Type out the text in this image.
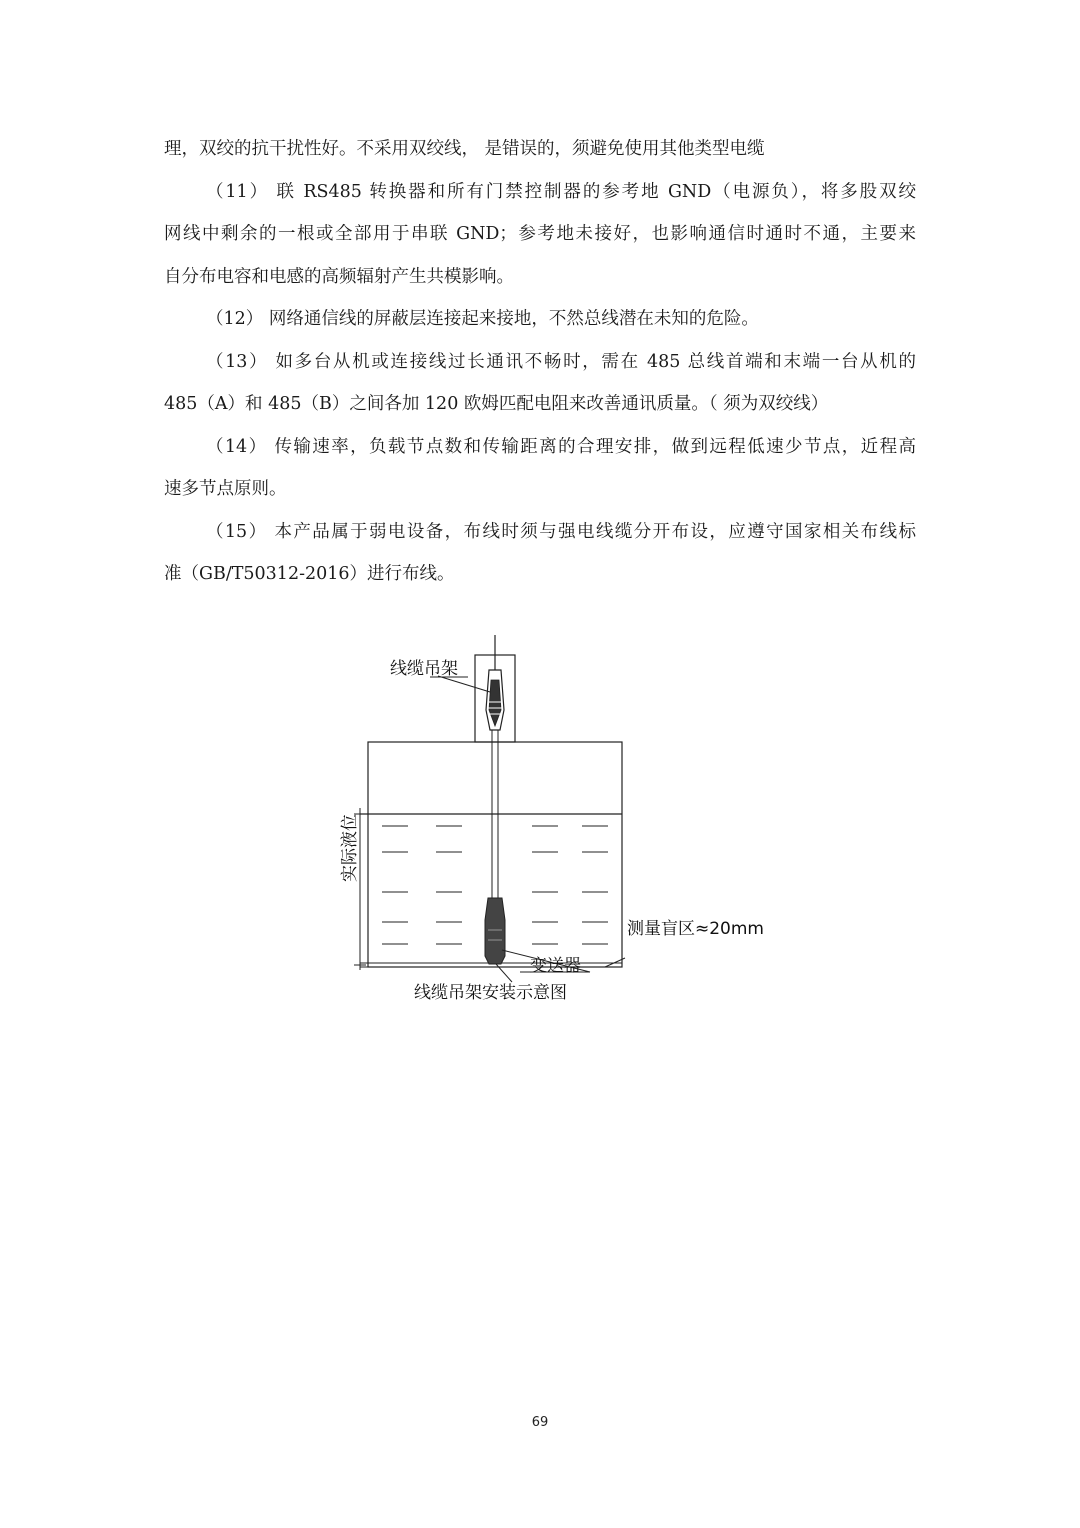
理，双绞的抗干扰性好。不采用双绞线， 是错误的，须避免使用其他类型电缆
（11） 联 RS485 转换器和所有门禁控制器的参考地 GND（电源负），将多股双绞
网线中剩余的一根或全部用于串联 GND；参考地未接好，也影响通信时通时不通，主要来
自分布电容和电感的高频辐射产生共模影响。
（12） 网络通信线的屏蔽层连接起来接地，不然总线潜在未知的危险。
（13） 如多台从机或连接线过长通讯不畅时，需在 485 总线首端和末端一台从机的
485（A）和 485（B）之间各加 120 欧姆匹配电阻来改善通讯质量。（ 须为双绞线）
（14） 传输速率，负载节点数和传输距离的合理安排，做到远程低速少节点，近程高
速多节点原则。
（15） 本产品属于弱电设备，布线时须与强电线缆分开布设，应遵守国家相关布线标
准（GB/T50312-2016）进行布线。
线缆吊架
实际液位
测量盲区≈20mm
变送器
线缆吊架安装示意图
69
